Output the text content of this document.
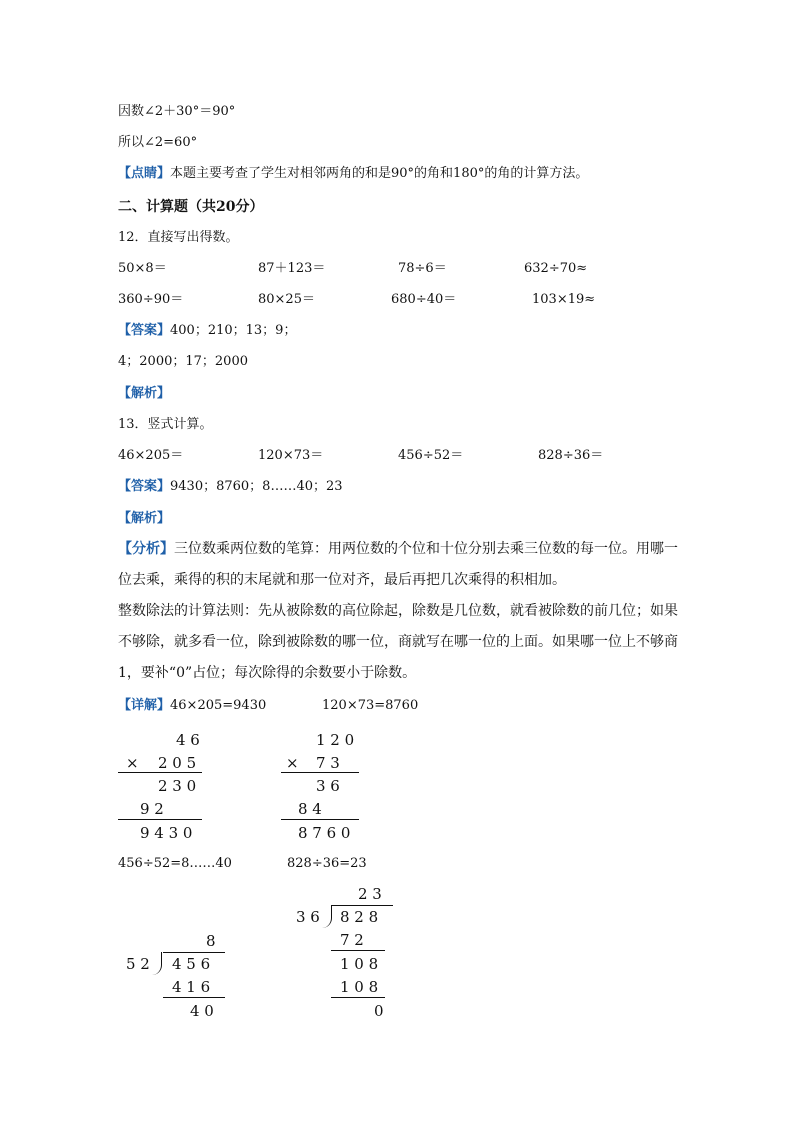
因数∠2＋30°＝90°
所以∠2=60°
【点睛】本题主要考查了学生对相邻两角的和是90°的角和180°的角的计算方法。
二、计算题（共20分）
12．直接写出得数。
50×8＝	87＋123＝	78÷6＝	632÷70≈
360÷90＝	80×25＝	680÷40＝	103×19≈
【答案】400；210；13；9；
4；2000；17；2000
【解析】
13．竖式计算。
46×205＝	120×73＝	456÷52＝	828÷36＝
【答案】9430；8760；8……40；23
【解析】
【分析】三位数乘两位数的笔算：用两位数的个位和十位分别去乘三位数的每一位。用哪一位去乘，乘得的积的末尾就和那一位对齐，最后再把几次乘得的积相加。
整数除法的计算法则：先从被除数的高位除起，除数是几位数，就看被除数的前几位；如果不够除，就多看一位，除到被除数的哪一位，商就写在哪一位的上面。如果哪一位上不够商1，要补“0”占位；每次除得的余数要小于除数。
【详解】46×205=9430	120×73=8760
4 6
× 2 0 5
2 3 0
9 2
9 4 3 0
1 2 0
× 7 3
3 6
8 4
8 7 6 0
456÷52=8……40	828÷36=23
2 3
3 6 8 2 8
7 2
1 0 8
1 0 8
0
8
5 2 4 5 6
4 1 6
4 0
